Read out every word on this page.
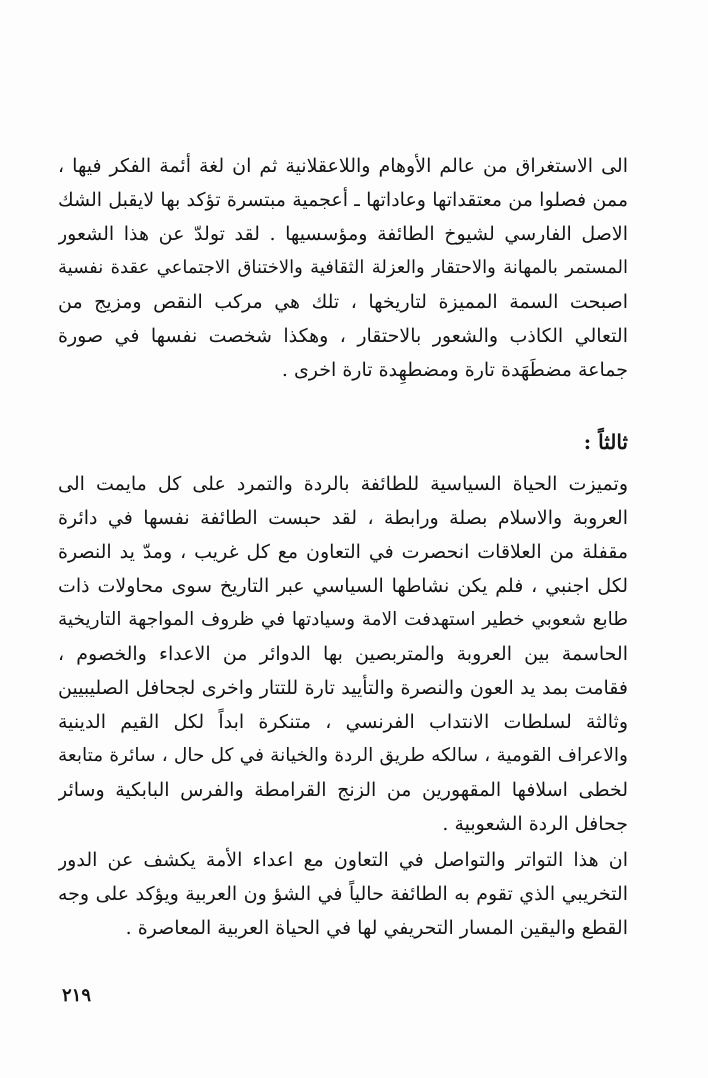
الى الاستغراق من عالم الأوهام واللاعقلانية ثم ان لغة أئمة الفكر فيها ،
ممن فصلوا من معتقداتها وعاداتها ـ أعجمية مبتسرة تؤكد بها لايقبل الشك
الاصل الفارسي لشيوخ الطائفة ومؤسسيها . لقد تولدّ عن هذا الشعور
المستمر بالمهانة والاحتقار والعزلة الثقافية والاختناق الاجتماعي عقدة نفسية
اصبحت السمة المميزة لتاريخها ، تلك هي مركب النقص ومزيج من
التعالي الكاذب والشعور بالاحتقار ، وهكذا شخصت نفسها في صورة
جماعة مضطَهَدة تارة ومضطهِدة تارة اخرى .
ثالثاً :
وتميزت الحياة السياسية للطائفة بالردة والتمرد على كل مايمت الى
العروبة والاسلام بصلة ورابطة ، لقد حبست الطائفة نفسها في دائرة
مقفلة من العلاقات انحصرت في التعاون مع كل غريب ، ومدّ يد النصرة
لكل اجنبي ، فلم يكن نشاطها السياسي عبر التاريخ سوى محاولات ذات
طابع شعوبي خطير استهدفت الامة وسيادتها في ظروف المواجهة التاريخية
الحاسمة بين العروبة والمتربصين بها الدوائر من الاعداء والخصوم ،
فقامت بمد يد العون والنصرة والتأييد تارة للتتار واخرى لجحافل الصليبيين
وثالثة لسلطات الانتداب الفرنسي ، متنكرة ابداً لكل القيم الدينية
والاعراف القومية ، سالكه طريق الردة والخيانة في كل حال ، سائرة متابعة
لخطى اسلافها المقهورين من الزنج القرامطة والفرس البابكية وسائر
جحافل الردة الشعوبية .
ان هذا التواتر والتواصل في التعاون مع اعداء الأمة يكشف عن الدور
التخريبي الذي تقوم به الطائفة حالياً في الشؤ ون العربية ويؤكد على وجه
القطع واليقين المسار التحريفي لها في الحياة العربية المعاصرة .
٢١٩
